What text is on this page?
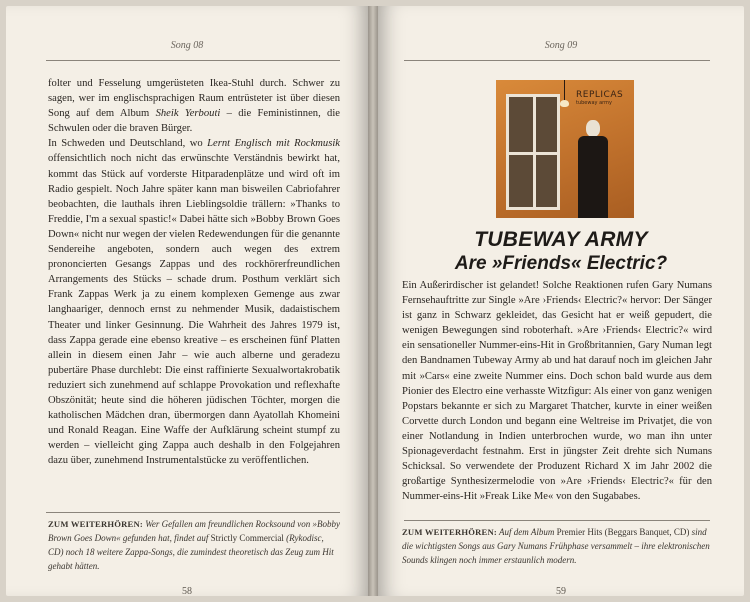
Song 08

folter und Fesselung umgerüsteten Ikea-Stuhl durch. Schwer zu sagen, wer im englischsprachigen Raum entrüsteter ist über diesen Song auf dem Album Sheik Yerbouti – die Feministinnen, die Schwulen oder die braven Bürger.

In Schweden und Deutschland, wo Lernt Englisch mit Rockmusik offensichtlich noch nicht das erwünschte Verständnis bewirkt hat, kommt das Stück auf vorderste Hitparadenplätze und wird oft im Radio gespielt. Noch Jahre später kann man bisweilen Cabriofahrer beobachten, die lauthals ihren Lieblingsoldie trällern: »Thanks to Freddie, I'm a sexual spastic!« Dabei hätte sich »Bobby Brown Goes Down« nicht nur wegen der vielen Redewendungen für die genannte Sendereihe angeboten, sondern auch wegen des extrem prononcierten Gesangs Zappas und des rockhörerfreundlichen Arrangements des Stücks – schade drum. Posthum verklärt sich Frank Zappas Werk ja zu einem komplexen Gemenge aus zwar langhaariger, dennoch ernst zu nehmender Musik, dadaistischem Theater und linker Gesinnung. Die Wahrheit des Jahres 1979 ist, dass Zappa gerade eine ebenso kreative – es erscheinen fünf Platten allein in diesem einen Jahr – wie auch alberne und geradezu pubertäre Phase durchlebt: Die einst raffinierte Sexualwortakrobatik reduziert sich zunehmend auf schlappe Provokation und reflexhafte Obszönität; heute sind die höheren jüdischen Töchter, morgen die katholischen Mädchen dran, übermorgen dann Ayatollah Khomeini und Ronald Reagan. Eine Waffe der Aufklärung scheint stumpf zu werden – vielleicht ging Zappa auch deshalb in den Folgejahren dazu über, zunehmend Instrumentalstücke zu veröffentlichen.

ZUM WEITERHÖREN: Wer Gefallen am freundlichen Rocksound von »Bobby Brown Goes Down« gefunden hat, findet auf Strictly Commercial (Rykodisc, CD) noch 18 weitere Zappa-Songs, die zumindest theoretisch das Zeug zum Hit gehabt hätten.
58
Song 09
REPLICAS
tubeway army
TUBEWAY ARMY
Are »Friends« Electric?

Ein Außerirdischer ist gelandet! Solche Reaktionen rufen Gary Numans Fernsehauftritte zur Single »Are ›Friends‹ Electric?« hervor: Der Sänger ist ganz in Schwarz gekleidet, das Gesicht hat er weiß gepudert, die wenigen Bewegungen sind roboterhaft. »Are ›Friends‹ Electric?« wird ein sensationeller Nummer-eins-Hit in Großbritannien, Gary Numan legt den Bandnamen Tubeway Army ab und hat darauf noch im gleichen Jahr mit »Cars« eine zweite Nummer eins. Doch schon bald wurde aus dem Pionier des Electro eine verhasste Witzfigur: Als einer von ganz wenigen Popstars bekannte er sich zu Margaret Thatcher, kurvte in einer weißen Corvette durch London und begann eine Weltreise im Privatjet, die von einer Notlandung in Indien unterbrochen wurde, wo man ihn unter Spionageverdacht festnahm. Erst in jüngster Zeit drehte sich Numans Schicksal. So verwendete der Produzent Richard X im Jahr 2002 die großartige Synthesizermelodie von »Are ›Friends‹ Electric?« für den Nummer-eins-Hit »Freak Like Me« von den Sugababes.

ZUM WEITERHÖREN: Auf dem Album Premier Hits (Beggars Banquet, CD) sind die wichtigsten Songs aus Gary Numans Frühphase versammelt – ihre elektronischen Sounds klingen noch immer erstaunlich modern.
59
